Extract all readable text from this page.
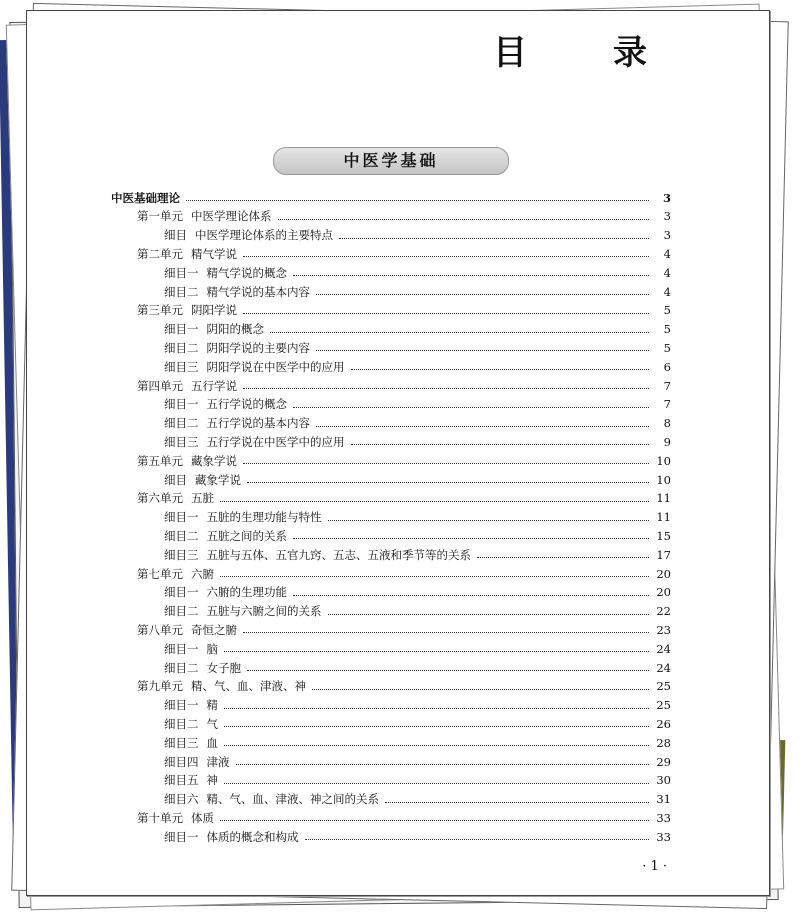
目　录
中医学基础
中医基础理论	3
第一单元 中医学理论体系	3
细目 中医学理论体系的主要特点	3
第二单元 精气学说	4
细目一 精气学说的概念	4
细目二 精气学说的基本内容	4
第三单元 阴阳学说	5
细目一 阴阳的概念	5
细目二 阴阳学说的主要内容	5
细目三 阴阳学说在中医学中的应用	6
第四单元 五行学说	7
细目一 五行学说的概念	7
细目二 五行学说的基本内容	8
细目三 五行学说在中医学中的应用	9
第五单元 藏象学说	10
细目 藏象学说	10
第六单元 五脏	11
细目一 五脏的生理功能与特性	11
细目二 五脏之间的关系	15
细目三 五脏与五体、五官九窍、五志、五液和季节等的关系	17
第七单元 六腑	20
细目一 六腑的生理功能	20
细目二 五脏与六腑之间的关系	22
第八单元 奇恒之腑	23
细目一 脑	24
细目二 女子胞	24
第九单元 精、气、血、津液、神	25
细目一 精	25
细目二 气	26
细目三 血	28
细目四 津液	29
细目五 神	30
细目六 精、气、血、津液、神之间的关系	31
第十单元 体质	33
细目一 体质的概念和构成	33
· 1 ·
